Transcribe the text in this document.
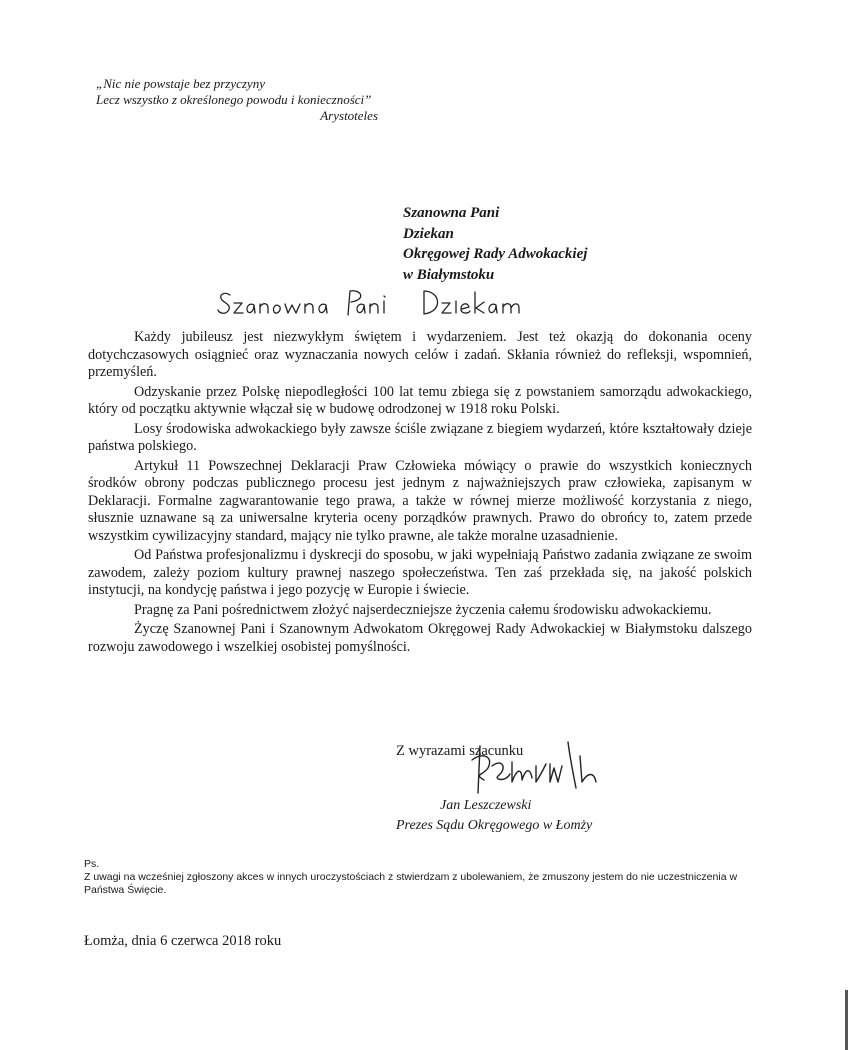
„Nic nie powstaje bez przyczyny
Lecz wszystko z określonego powodu i konieczności”
Arystoteles
Szanowna Pani
Dziekan
Okręgowej Rady Adwokackiej
w Białymstoku

Każdy jubileusz jest niezwykłym świętem i wydarzeniem. Jest też okazją do dokonania oceny dotychczasowych osiągnieć oraz wyznaczania nowych celów i zadań. Skłania również do refleksji, wspomnień, przemyśleń.

Odzyskanie przez Polskę niepodległości 100 lat temu zbiega się z powstaniem samorządu adwokackiego, który od początku aktywnie włączał się w budowę odrodzonej w 1918 roku Polski.

Losy środowiska adwokackiego były zawsze ściśle związane z biegiem wydarzeń, które kształtowały dzieje państwa polskiego.

Artykuł 11 Powszechnej Deklaracji Praw Człowieka mówiący o prawie do wszystkich koniecznych środków obrony podczas publicznego procesu jest jednym z najważniejszych praw człowieka, zapisanym w Deklaracji. Formalne zagwarantowanie tego prawa, a także w równej mierze możliwość korzystania z niego, słusznie uznawane są za uniwersalne kryteria oceny porządków prawnych. Prawo do obrońcy to, zatem przede wszystkim cywilizacyjny standard, mający nie tylko prawne, ale także moralne uzasadnienie.

Od Państwa profesjonalizmu i dyskrecji do sposobu, w jaki wypełniają Państwo zadania związane ze swoim zawodem, zależy poziom kultury prawnej naszego społeczeństwa. Ten zaś przekłada się, na jakość polskich instytucji, na kondycję państwa i jego pozycję w Europie i świecie.

Pragnę za Pani pośrednictwem złożyć najserdeczniejsze życzenia całemu środowisku adwokackiemu.

Życzę Szanownej Pani i Szanownym Adwokatom Okręgowej Rady Adwokackiej w Białymstoku dalszego rozwoju zawodowego i wszelkiej osobistej pomyślności.

Z wyrazami szacunku
Jan Leszczewski
Prezes Sądu Okręgowego w Łomży
Ps.
Z uwagi na wcześniej zgłoszony akces w innych uroczystościach z stwierdzam z ubolewaniem, że zmuszony jestem do nie uczestniczenia w Państwa Święcie.
Łomża, dnia 6 czerwca 2018 roku
